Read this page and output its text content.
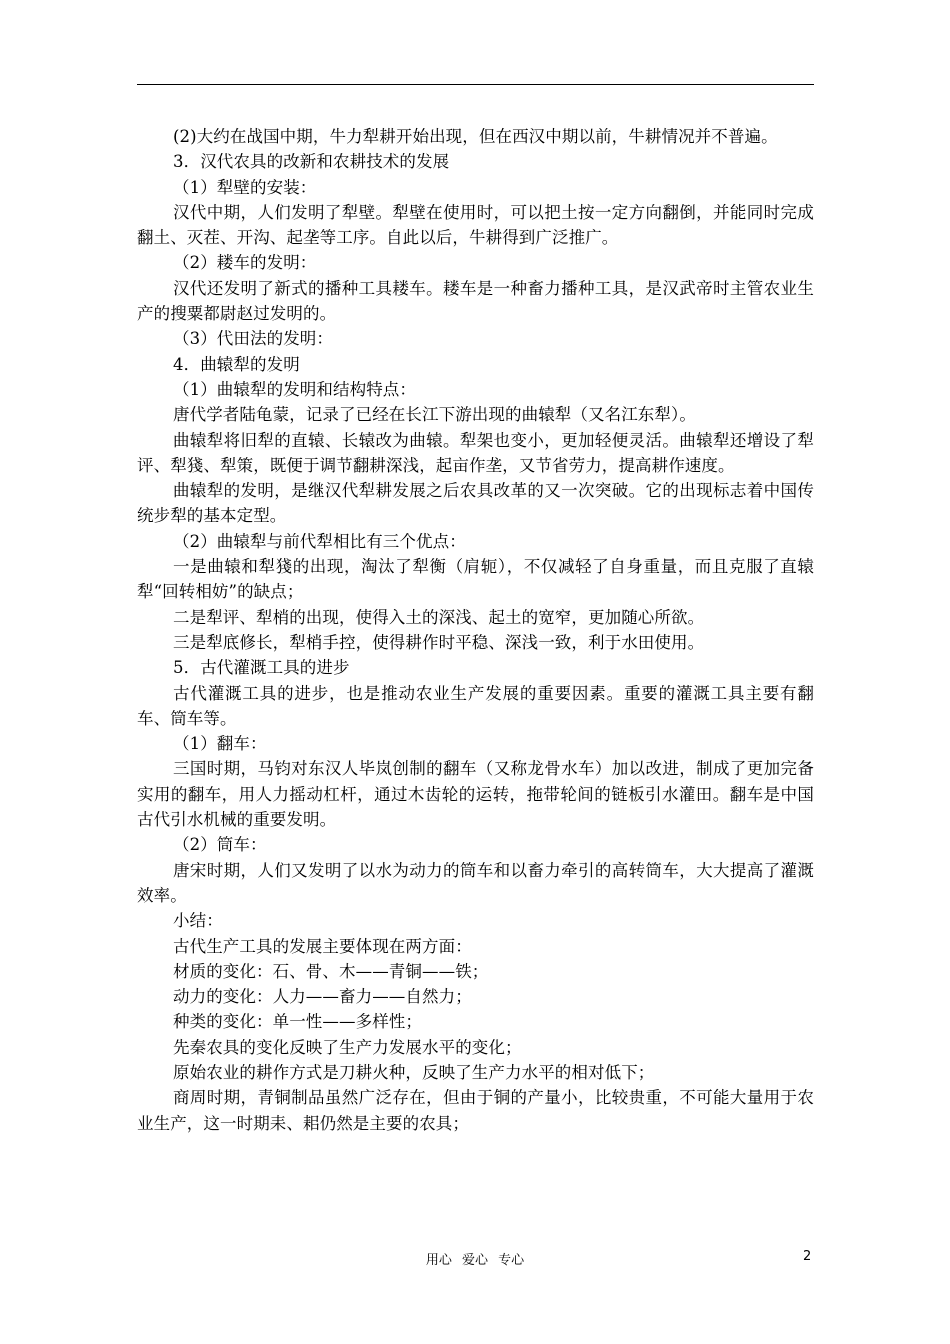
(2)大约在战国中期，牛力犁耕开始出现，但在西汉中期以前，牛耕情况并不普遍。

3．汉代农具的改新和农耕技术的发展

（1）犁壁的安装：

汉代中期，人们发明了犁壁。犁壁在使用时，可以把土按一定方向翻倒，并能同时完成翻土、灭茬、开沟、起垄等工序。自此以后，牛耕得到广泛推广。

（2）耧车的发明：

汉代还发明了新式的播种工具耧车。耧车是一种畜力播种工具，是汉武帝时主管农业生产的搜粟都尉赵过发明的。

（3）代田法的发明：

4．曲辕犁的发明

（1）曲辕犁的发明和结构特点：

唐代学者陆龟蒙，记录了已经在长江下游出现的曲辕犁（又名江东犁）。

曲辕犁将旧犁的直辕、长辕改为曲辕。犁架也变小，更加轻便灵活。曲辕犁还增设了犁评、犁㹽、犁策，既便于调节翻耕深浅，起亩作垄，又节省劳力，提高耕作速度。

曲辕犁的发明，是继汉代犁耕发展之后农具改革的又一次突破。它的出现标志着中国传统步犁的基本定型。

（2）曲辕犁与前代犁相比有三个优点：

一是曲辕和犁㹽的出现，淘汰了犁衡（肩轭），不仅减轻了自身重量，而且克服了直辕犁“回转相妨”的缺点；

二是犁评、犁梢的出现，使得入土的深浅、起土的宽窄，更加随心所欲。

三是犁底修长，犁梢手控，使得耕作时平稳、深浅一致，利于水田使用。

5．古代灌溉工具的进步

古代灌溉工具的进步，也是推动农业生产发展的重要因素。重要的灌溉工具主要有翻车、筒车等。

（1）翻车：

三国时期，马钧对东汉人毕岚创制的翻车（又称龙骨水车）加以改进，制成了更加完备实用的翻车，用人力摇动杠杆，通过木齿轮的运转，拖带轮间的链板引水灌田。翻车是中国古代引水机械的重要发明。

（2）筒车：

唐宋时期，人们又发明了以水为动力的筒车和以畜力牵引的高转筒车，大大提高了灌溉效率。

小结：

古代生产工具的发展主要体现在两方面：

材质的变化：石、骨、木——青铜——铁；

动力的变化：人力——畜力——自然力；

种类的变化：单一性——多样性；

先秦农具的变化反映了生产力发展水平的变化；

原始农业的耕作方式是刀耕火种，反映了生产力水平的相对低下；

商周时期，青铜制品虽然广泛存在，但由于铜的产量小，比较贵重，不可能大量用于农业生产，这一时期耒、耜仍然是主要的农具；

用心 爱心 专心	2
